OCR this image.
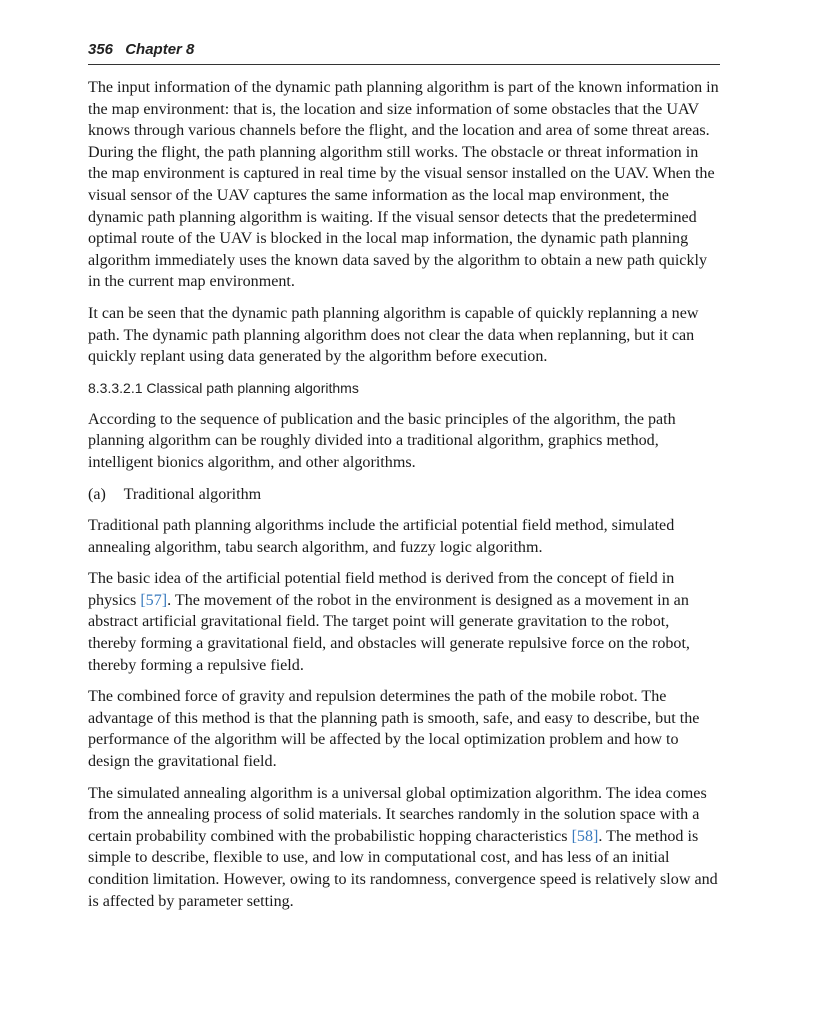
356 Chapter 8

The input information of the dynamic path planning algorithm is part of the known information in the map environment: that is, the location and size information of some obstacles that the UAV knows through various channels before the flight, and the location and area of some threat areas. During the flight, the path planning algorithm still works. The obstacle or threat information in the map environment is captured in real time by the visual sensor installed on the UAV. When the visual sensor of the UAV captures the same information as the local map environment, the dynamic path planning algorithm is waiting. If the visual sensor detects that the predetermined optimal route of the UAV is blocked in the local map information, the dynamic path planning algorithm immediately uses the known data saved by the algorithm to obtain a new path quickly in the current map environment.

It can be seen that the dynamic path planning algorithm is capable of quickly replanning a new path. The dynamic path planning algorithm does not clear the data when replanning, but it can quickly replant using data generated by the algorithm before execution.

8.3.3.2.1 Classical path planning algorithms

According to the sequence of publication and the basic principles of the algorithm, the path planning algorithm can be roughly divided into a traditional algorithm, graphics method, intelligent bionics algorithm, and other algorithms.

(a) Traditional algorithm

Traditional path planning algorithms include the artificial potential field method, simulated annealing algorithm, tabu search algorithm, and fuzzy logic algorithm.

The basic idea of the artificial potential field method is derived from the concept of field in physics [57]. The movement of the robot in the environment is designed as a movement in an abstract artificial gravitational field. The target point will generate gravitation to the robot, thereby forming a gravitational field, and obstacles will generate repulsive force on the robot, thereby forming a repulsive field.

The combined force of gravity and repulsion determines the path of the mobile robot. The advantage of this method is that the planning path is smooth, safe, and easy to describe, but the performance of the algorithm will be affected by the local optimization problem and how to design the gravitational field.

The simulated annealing algorithm is a universal global optimization algorithm. The idea comes from the annealing process of solid materials. It searches randomly in the solution space with a certain probability combined with the probabilistic hopping characteristics [58]. The method is simple to describe, flexible to use, and low in computational cost, and has less of an initial condition limitation. However, owing to its randomness, convergence speed is relatively slow and is affected by parameter setting.
